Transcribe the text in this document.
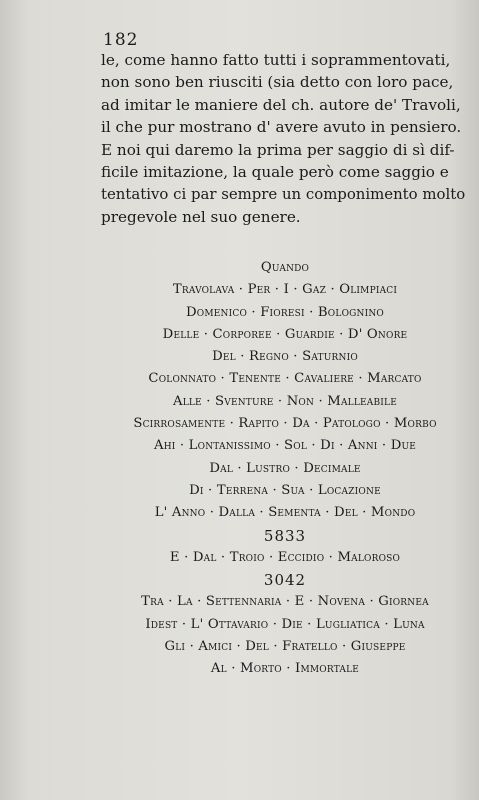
182
le, come hanno fatto tutti i soprammentovati,
non sono ben riusciti (sia detto con loro pace,
ad imitar le maniere del ch. autore de' Travoli,
il che pur mostrano d' avere avuto in pensiero.
E noi qui daremo la prima per saggio di sì dif-
ficile imitazione, la quale però come saggio e
tentativo ci par sempre un componimento molto
pregevole nel suo genere.
Quando
Travolava · Per · I · Gaz · Olimpiaci
Domenico · Fioresi · Bolognino
Delle · Corporee · Guardie · D' Onore
Del · Regno · Saturnio
Colonnato · Tenente · Cavaliere · Marcato
Alle · Sventure · Non · Malleabile
Scirrosamente · Rapito · Da · Patologo · Morbo
Ahi · Lontanissimo · Sol · Di · Anni · Due
Dal · Lustro · Decimale
Di · Terrena · Sua · Locazione
L' Anno · Dalla · Sementa · Del · Mondo
5833
E · Dal · Troio · Eccidio · Maloroso
3042
Tra · La · Settennaria · E · Novena · Giornea
Idest · L' Ottavario · Die · Lugliatica · Luna
Gli · Amici · Del · Fratello · Giuseppe
Al · Morto · Immortale
